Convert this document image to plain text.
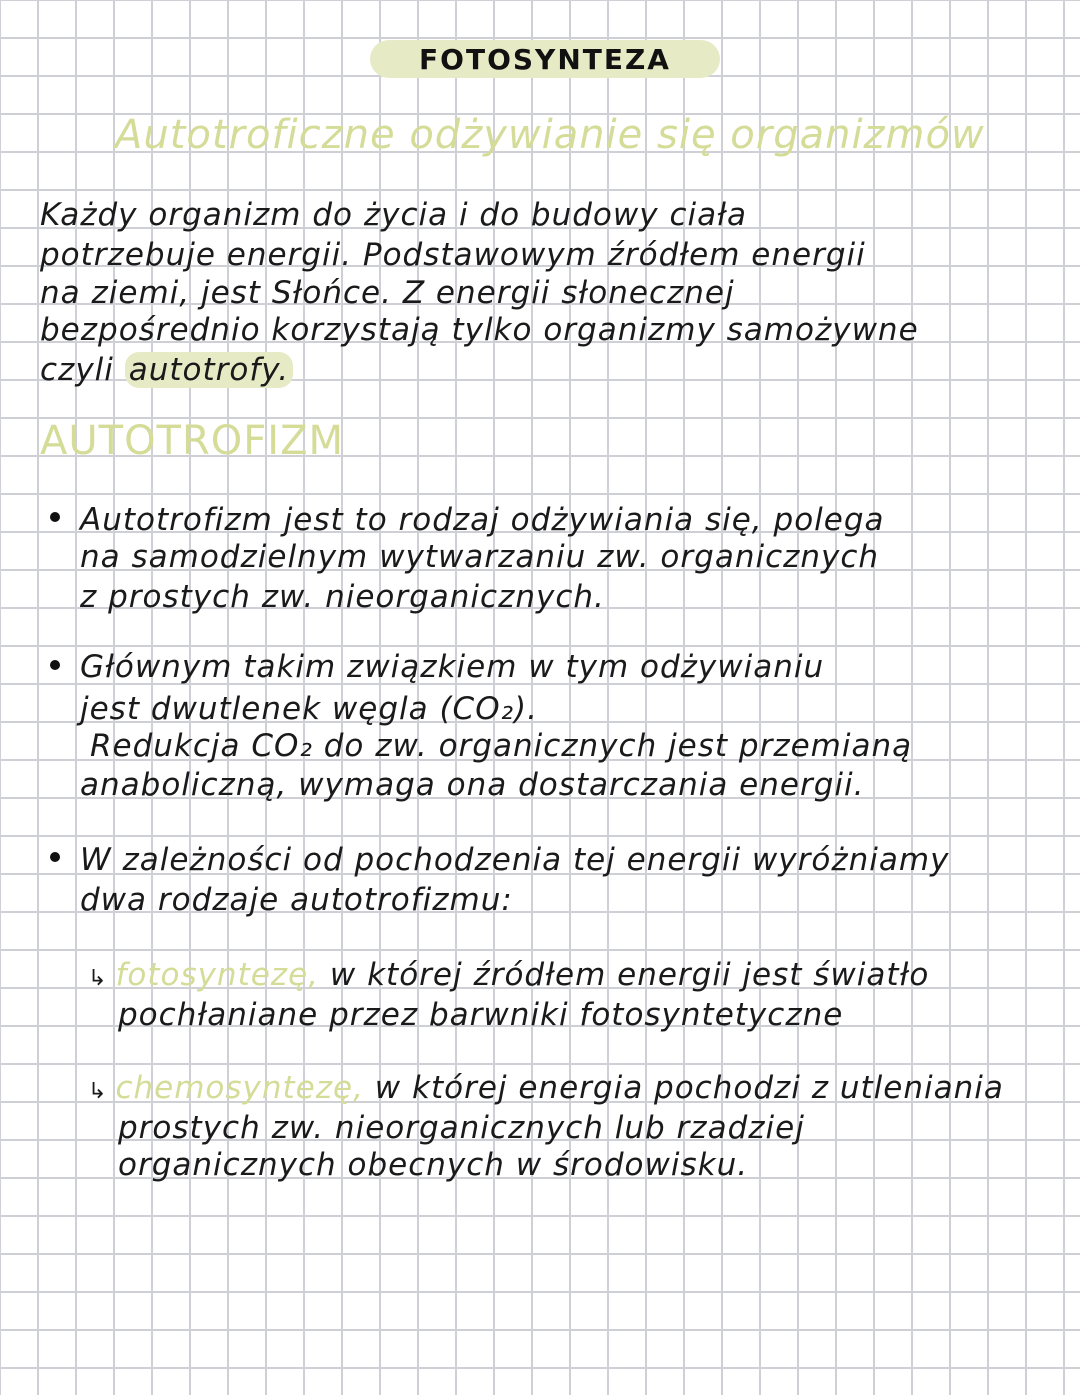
FOTOSYNTEZA
Autotroficzne odżywianie się organizmów
Każdy organizm do życia i do budowy ciała
potrzebuje energii. Podstawowym źródłem energii
na ziemi, jest Słońce. Z energii słonecznej
bezpośrednio korzystają tylko organizmy samożywne
czyli autotrofy.
AUTOTROFIZM
Autotrofizm jest to rodzaj odżywiania się, polega
na samodzielnym wytwarzaniu zw. organicznych
z prostych zw. nieorganicznych.
Głównym takim związkiem w tym odżywianiu
jest dwutlenek węgla (CO₂).
Redukcja CO₂ do zw. organicznych jest przemianą
anaboliczną, wymaga ona dostarczania energii.
W zależności od pochodzenia tej energii wyróżniamy
dwa rodzaje autotrofizmu:
↳ fotosyntezę, w której źródłem energii jest światło
pochłaniane przez barwniki fotosyntetyczne
↳ chemosyntezę, w której energia pochodzi z utleniania
prostych zw. nieorganicznych lub rzadziej
organicznych obecnych w środowisku.
